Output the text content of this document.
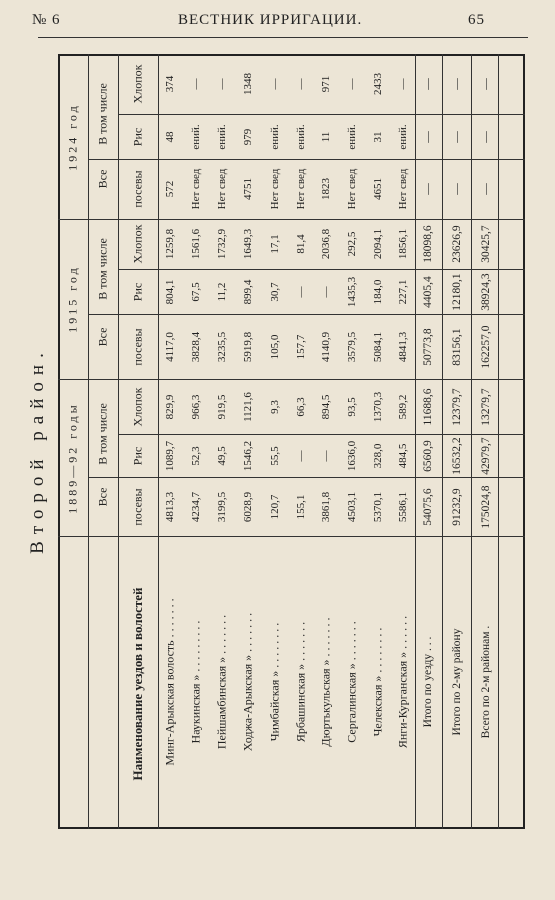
№ 6	ВЕСТНИК ИРРИГАЦИИ.	65
Второй район.
Наименование уездов и волостей
1889—92 годы В том числе
Все посевы
Рис
Хлопок
1915 год В том числе
Все посевы
Рис
Хлопок
1924 год В том числе
Все посевы
Рис
Хлопок
Минг-Арыкская волость . . . . . . .
4813,3
1089,7
829,9
4117,0
804,1
1259,8
572
48
374
Наукинская » . . . . . . . . .
4234,7
52,3
966,3
3828,4
67,5
1561,6
Нет свед
ений.
—
Пейшамбинская » . . . . . . .
3199,5
49,5
919,5
3235,5
11,2
1732,9
Нет свед
ений.
—
Ходжа-Арыкская » . . . . . . .
6028,9
1546,2
1121,6
5919,8
899,4
1649,3
4751
979
1348
Чимбайская » . . . . . . . .
120,7
55,5
9,3
105,0
30,7
17,1
Нет свед
ений.
—
Ярбашинская » . . . . . . .
155,1
—
66,3
157,7
—
81,4
Нет свед
ений.
—
Дюртькульская » . . . . . . .
3861,8
—
894,5
4140,9
—
2036,8
1823
11
971
Сергалинская » . . . . . . .
4503,1
1636,0
93,5
3579,5
1435,3
292,5
Нет свед
ений.
—
Челекская » . . . . . . . .
5370,1
328,0
1370,3
5084,1
184,0
2094,1
4651
31
2433
Янги-Курганская » . . . . . .
5586,1
484,5
589,2
4841,3
227,1
1856,1
Нет свед
ений.
—
Итого по уезду . . .
54075,6
6560,9
11688,6
50773,8
4405,4
18098,6
—
—
—
Итого по 2-му району
91232,9
16532,2
12379,7
83156,1
12180,1
23626,9
—
—
—
Всего по 2-м районам .
175024,8
42979,7
13279,7
162257,0
38924,3
30425,7
—
—
—
